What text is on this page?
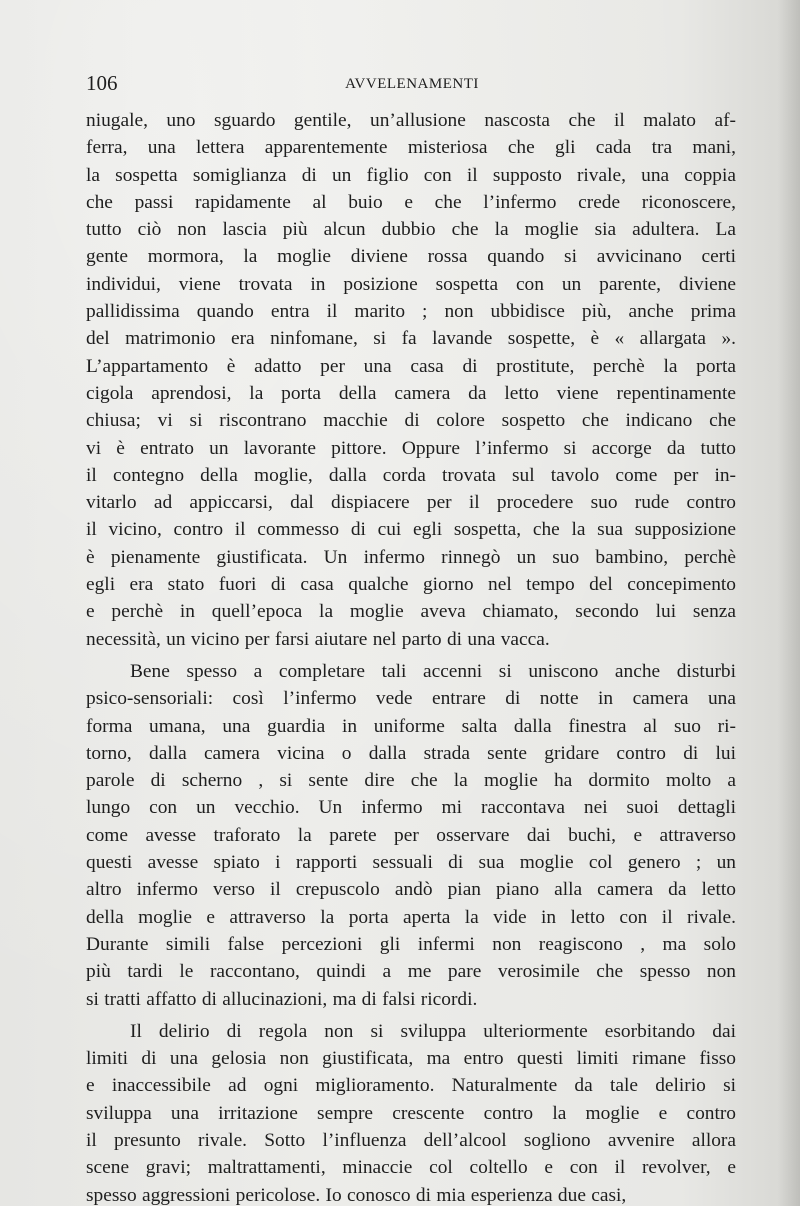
106	AVVELENAMENTI
niugale, uno sguardo gentile, un’allusione nascosta che il malato af-
ferra, una lettera apparentemente misteriosa che gli cada tra mani,
la sospetta somiglianza di un figlio con il supposto rivale, una coppia
che passi rapidamente al buio e che l’infermo crede riconoscere,
tutto ciò non lascia più alcun dubbio che la moglie sia adultera. La
gente mormora, la moglie diviene rossa quando si avvicinano certi
individui, viene trovata in posizione sospetta con un parente, diviene
pallidissima quando entra il marito ; non ubbidisce più, anche prima
del matrimonio era ninfomane, si fa lavande sospette, è « allargata ».
L’appartamento è adatto per una casa di prostitute, perchè la porta
cigola aprendosi, la porta della camera da letto viene repentinamente
chiusa; vi si riscontrano macchie di colore sospetto che indicano che
vi è entrato un lavorante pittore. Oppure l’infermo si accorge da tutto
il contegno della moglie, dalla corda trovata sul tavolo come per in-
vitarlo ad appiccarsi, dal dispiacere per il procedere suo rude contro
il vicino, contro il commesso di cui egli sospetta, che la sua supposizione
è pienamente giustificata. Un infermo rinnegò un suo bambino, perchè
egli era stato fuori di casa qualche giorno nel tempo del concepimento
e perchè in quell’epoca la moglie aveva chiamato, secondo lui senza
necessità, un vicino per farsi aiutare nel parto di una vacca.
Bene spesso a completare tali accenni si uniscono anche disturbi
psico-sensoriali: così l’infermo vede entrare di notte in camera una
forma umana, una guardia in uniforme salta dalla finestra al suo ri-
torno, dalla camera vicina o dalla strada sente gridare contro di lui
parole di scherno , si sente dire che la moglie ha dormito molto a
lungo con un vecchio. Un infermo mi raccontava nei suoi dettagli
come avesse traforato la parete per osservare dai buchi, e attraverso
questi avesse spiato i rapporti sessuali di sua moglie col genero ; un
altro infermo verso il crepuscolo andò pian piano alla camera da letto
della moglie e attraverso la porta aperta la vide in letto con il rivale.
Durante simili false percezioni gli infermi non reagiscono , ma solo
più tardi le raccontano, quindi a me pare verosimile che spesso non
si tratti affatto di allucinazioni, ma di falsi ricordi.
Il delirio di regola non si sviluppa ulteriormente esorbitando dai
limiti di una gelosia non giustificata, ma entro questi limiti rimane fisso
e inaccessibile ad ogni miglioramento. Naturalmente da tale delirio si
sviluppa una irritazione sempre crescente contro la moglie e contro
il presunto rivale. Sotto l’influenza dell’alcool sogliono avvenire allora
scene gravi; maltrattamenti, minaccie col coltello e con il revolver, e
spesso aggressioni pericolose. Io conosco di mia esperienza due casi,
